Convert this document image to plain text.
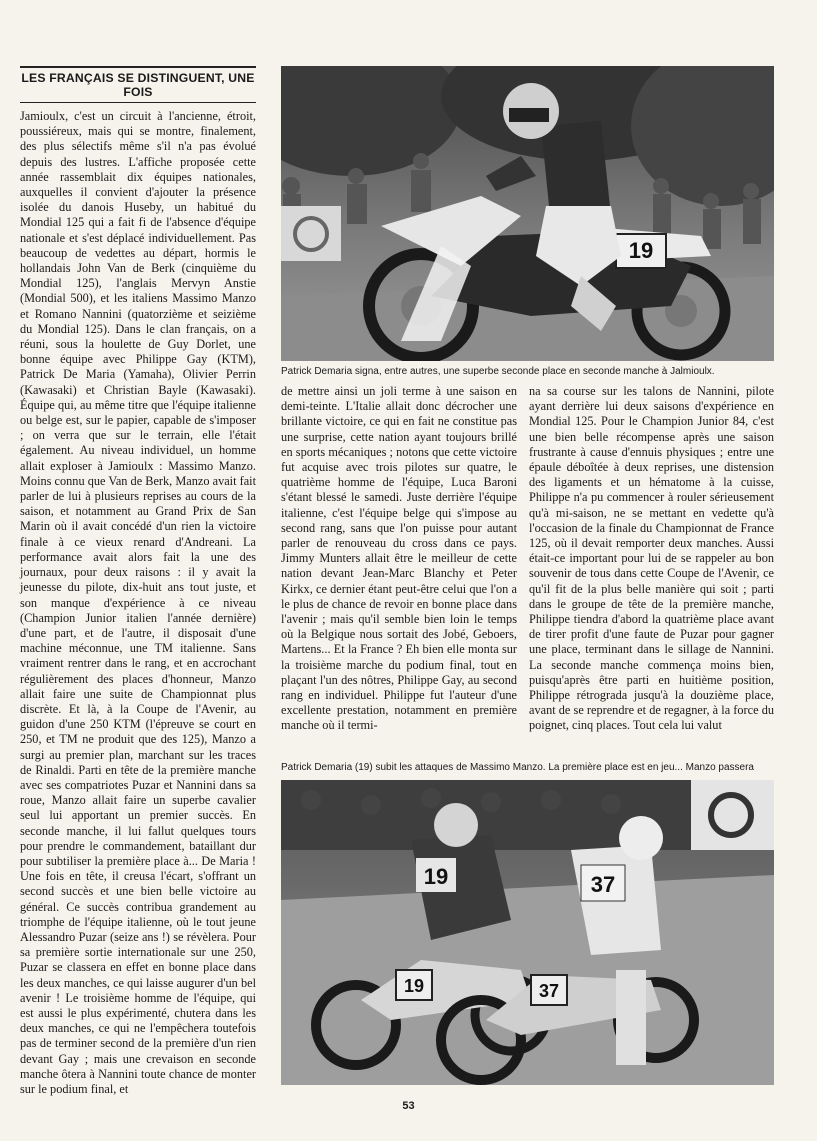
LES FRANÇAIS SE DISTINGUENT, UNE FOIS

Jamioulx, c'est un circuit à l'ancienne, étroit, poussiéreux, mais qui se montre, finalement, des plus sélectifs même s'il n'a pas évolué depuis des lustres. L'affiche proposée cette année rassemblait dix équipes nationales, auxquelles il convient d'ajouter la présence isolée du danois Huseby, un habitué du Mondial 125 qui a fait fi de l'absence d'équipe nationale et s'est déplacé individuellement. Pas beaucoup de vedettes au départ, hormis le hollandais John Van de Berk (cinquième du Mondial 125), l'anglais Mervyn Anstie (Mondial 500), et les italiens Massimo Manzo et Romano Nannini (quatorzième et seizième du Mondial 125). Dans le clan français, on a réuni, sous la houlette de Guy Dorlet, une bonne équipe avec Philippe Gay (KTM), Patrick De Maria (Yamaha), Olivier Perrin (Kawasaki) et Christian Bayle (Kawasaki). Équipe qui, au même titre que l'équipe italienne ou belge est, sur le papier, capable de s'imposer ; on verra que sur le terrain, elle l'était également. Au niveau individuel, un homme allait exploser à Jamioulx : Massimo Manzo. Moins connu que Van de Berk, Manzo avait fait parler de lui à plusieurs reprises au cours de la saison, et notamment au Grand Prix de San Marin où il avait concédé d'un rien la victoire finale à ce vieux renard d'Andreani. La performance avait alors fait la une des journaux, pour deux raisons : il y avait la jeunesse du pilote, dix-huit ans tout juste, et son manque d'expérience à ce niveau (Champion Junior italien l'année dernière) d'une part, et de l'autre, il disposait d'une machine méconnue, une TM italienne. Sans vraiment rentrer dans le rang, et en accrochant régulièrement des places d'honneur, Manzo allait faire une suite de Championnat plus discrète. Et là, à la Coupe de l'Avenir, au guidon d'une 250 KTM (l'épreuve se court en 250, et TM ne produit que des 125), Manzo a surgi au premier plan, marchant sur les traces de Rinaldi. Parti en tête de la première manche avec ses compatriotes Puzar et Nannini dans sa roue, Manzo allait faire un superbe cavalier seul lui apportant un premier succès. En seconde manche, il lui fallut quelques tours pour prendre le commandement, bataillant dur pour subtiliser la première place à... De Maria ! Une fois en tête, il creusa l'écart, s'offrant un second succès et une bien belle victoire au général. Ce succès contribua grandement au triomphe de l'équipe italienne, où le tout jeune Alessandro Puzar (seize ans !) se révèlera. Pour sa première sortie internationale sur une 250, Puzar se classera en effet en bonne place dans les deux manches, ce qui laisse augurer d'un bel avenir ! Le troisième homme de l'équipe, qui est aussi le plus expérimenté, chutera dans les deux manches, ce qui ne l'empêchera toutefois pas de terminer second de la première d'un rien devant Gay ; mais une crevaison en seconde manche ôtera à Nannini toute chance de monter sur le podium final, et

19
Patrick Demaria signa, entre autres, une superbe seconde place en seconde manche à Jalmioulx.

de mettre ainsi un joli terme à une saison en demi-teinte. L'Italie allait donc décrocher une brillante victoire, ce qui en fait ne constitue pas une surprise, cette nation ayant toujours brillé en sports mécaniques ; notons que cette victoire fut acquise avec trois pilotes sur quatre, le quatrième homme de l'équipe, Luca Baroni s'étant blessé le samedi. Juste derrière l'équipe italienne, c'est l'équipe belge qui s'impose au second rang, sans que l'on puisse pour autant parler de renouveau du cross dans ce pays. Jimmy Munters allait être le meilleur de cette nation devant Jean-Marc Blanchy et Peter Kirkx, ce dernier étant peut-être celui que l'on a le plus de chance de revoir en bonne place dans l'avenir ; mais qu'il semble bien loin le temps où la Belgique nous sortait des Jobé, Geboers, Martens... Et la France ? Eh bien elle monta sur la troisième marche du podium final, tout en plaçant l'un des nôtres, Philippe Gay, au second rang en individuel. Philippe fut l'auteur d'une excellente prestation, notamment en première manche où il termi-

na sa course sur les talons de Nannini, pilote ayant derrière lui deux saisons d'expérience en Mondial 125. Pour le Champion Junior 84, c'est une bien belle récompense après une saison frustrante à cause d'ennuis physiques ; entre une épaule déboîtée à deux reprises, une distension des ligaments et un hématome à la cuisse, Philippe n'a pu commencer à rouler sérieusement qu'à mi-saison, ne se mettant en vedette qu'à l'occasion de la finale du Championnat de France 125, où il devait remporter deux manches. Aussi était-ce important pour lui de se rappeler au bon souvenir de tous dans cette Coupe de l'Avenir, ce qu'il fit de la plus belle manière qui soit ; parti dans le groupe de tête de la première manche, Philippe tiendra d'abord la quatrième place avant de tirer profit d'une faute de Puzar pour gagner une place, terminant dans le sillage de Nannini. La seconde manche commença moins bien, puisqu'après être parti en huitième position, Philippe rétrograda jusqu'à la douzième place, avant de se reprendre et de regagner, à la force du poignet, cinq places. Tout cela lui valut

Patrick Demaria (19) subit les attaques de Massimo Manzo. La première place est en jeu... Manzo passera
19
19
37
37
53
